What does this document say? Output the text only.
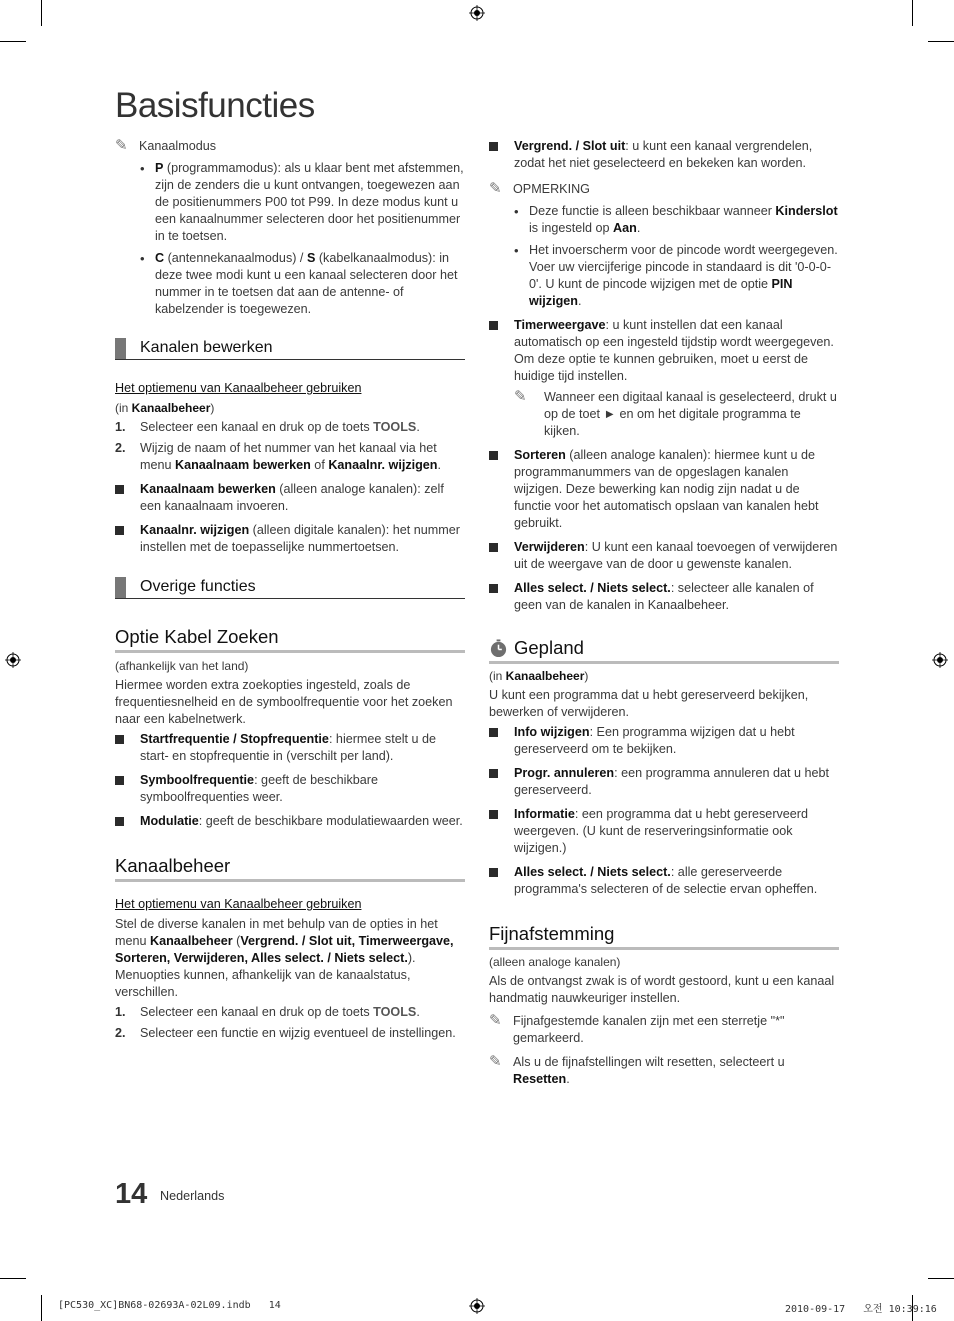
Basisfuncties
✎ Kanaalmodus
• P (programmamodus): als u klaar bent met afstemmen, zijn de zenders die u kunt ontvangen, toegewezen aan de positienummers P00 tot P99. In deze modus kunt u een kanaalnummer selecteren door het positienummer in te toetsen.
• C (antennekanaalmodus) / S (kabelkanaalmodus): in deze twee modi kunt u een kanaal selecteren door het nummer in te toetsen dat aan de antenne- of kabelzender is toegewezen.
Kanalen bewerken

Het optiemenu van Kanaalbeheer gebruiken

(in Kanaalbeheer)

1. Selecteer een kanaal en druk op de toets TOOLS.
2. Wijzig de naam of het nummer van het kanaal via het menu Kanaalnaam bewerken of Kanaalnr. wijzigen.
Kanaalnaam bewerken (alleen analoge kanalen): zelf een kanaalnaam invoeren.
Kanaalnr. wijzigen (alleen digitale kanalen): het nummer instellen met de toepasselijke nummertoetsen.
Overige functies
Optie Kabel Zoeken

(afhankelijk van het land)

Hiermee worden extra zoekopties ingesteld, zoals de frequentiesnelheid en de symboolfrequentie voor het zoeken naar een kabelnetwerk.

Startfrequentie / Stopfrequentie: hiermee stelt u de start- en stopfrequentie in (verschilt per land).
Symboolfrequentie: geeft de beschikbare symboolfrequenties weer.
Modulatie: geeft de beschikbare modulatiewaarden weer.
Kanaalbeheer

Het optiemenu van Kanaalbeheer gebruiken

Stel de diverse kanalen in met behulp van de opties in het menu Kanaalbeheer (Vergrend. / Slot uit, Timerweergave, Sorteren, Verwijderen, Alles select. / Niets select.). Menuopties kunnen, afhankelijk van de kanaalstatus, verschillen.

1. Selecteer een kanaal en druk op de toets TOOLS.
2. Selecteer een functie en wijzig eventueel de instellingen.
Vergrend. / Slot uit: u kunt een kanaal vergrendelen, zodat het niet geselecteerd en bekeken kan worden.
✎ OPMERKING
• Deze functie is alleen beschikbaar wanneer Kinderslot is ingesteld op Aan.
• Het invoerscherm voor de pincode wordt weergegeven. Voer uw viercijferige pincode in standaard is dit '0-0-0-0'. U kunt de pincode wijzigen met de optie PIN wijzigen.
Timerweergave: u kunt instellen dat een kanaal automatisch op een ingesteld tijdstip wordt weergegeven. Om deze optie te kunnen gebruiken, moet u eerst de huidige tijd instellen.
✎ Wanneer een digitaal kanaal is geselecteerd, drukt u op de toet ► en om het digitale programma te kijken.
Sorteren (alleen analoge kanalen): hiermee kunt u de programmanummers van de opgeslagen kanalen wijzigen. Deze bewerking kan nodig zijn nadat u de functie voor het automatisch opslaan van kanalen hebt gebruikt.
Verwijderen: U kunt een kanaal toevoegen of verwijderen uit de weergave van de door u gewenste kanalen.
Alles select. / Niets select.: selecteer alle kanalen of geen van de kanalen in Kanaalbeheer.
Gepland

(in Kanaalbeheer)

U kunt een programma dat u hebt gereserveerd bekijken, bewerken of verwijderen.

Info wijzigen: Een programma wijzigen dat u hebt gereserveerd om te bekijken.
Progr. annuleren: een programma annuleren dat u hebt gereserveerd.
Informatie: een programma dat u hebt gereserveerd weergeven. (U kunt de reserveringsinformatie ook wijzigen.)
Alles select. / Niets select.: alle gereserveerde programma's selecteren of de selectie ervan opheffen.
Fijnafstemming

(alleen analoge kanalen)

Als de ontvangst zwak is of wordt gestoord, kunt u een kanaal handmatig nauwkeuriger instellen.

✎ Fijnafgestemde kanalen zijn met een sterretje "*" gemarkeerd.
✎ Als u de fijnafstellingen wilt resetten, selecteert u Resetten.
14 Nederlands
[PC530_XC]BN68-02693A-02L09.indb   14	2010-09-17   오전 10:39:16
